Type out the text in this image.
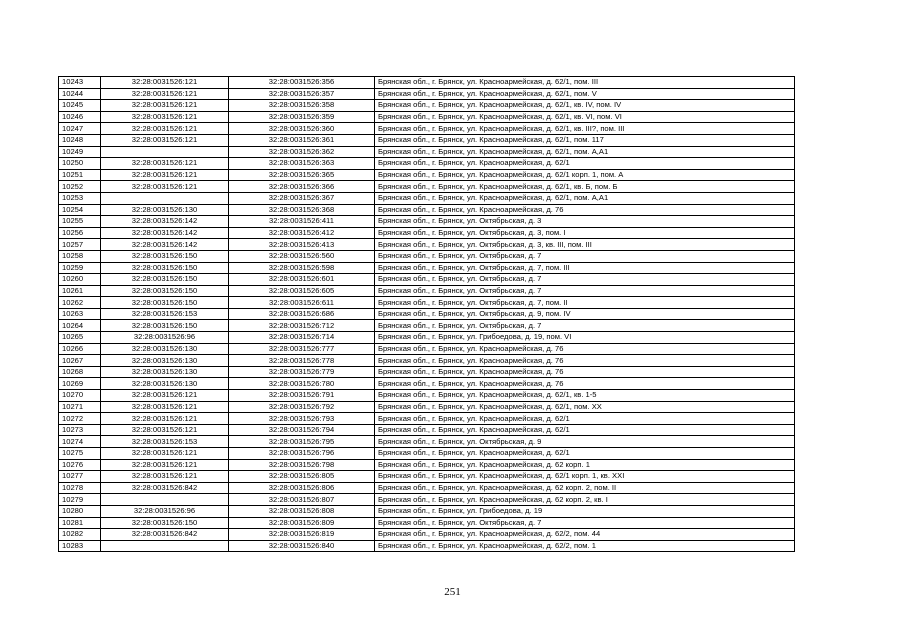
10243	32:28:0031526:121	32:28:0031526:356	Брянская обл., г. Брянск, ул. Красноармейская, д. 62/1, пом. III
10244	32:28:0031526:121	32:28:0031526:357	Брянская обл., г. Брянск, ул. Красноармейская, д. 62/1, пом. V
10245	32:28:0031526:121	32:28:0031526:358	Брянская обл., г. Брянск, ул. Красноармейская, д. 62/1, кв. IV, пом. IV
10246	32:28:0031526:121	32:28:0031526:359	Брянская обл., г. Брянск, ул. Красноармейская, д. 62/1, кв. VI, пом. VI
10247	32:28:0031526:121	32:28:0031526:360	Брянская обл., г. Брянск, ул. Красноармейская, д. 62/1, кв. III?, пом. III
10248	32:28:0031526:121	32:28:0031526:361	Брянская обл., г. Брянск, ул. Красноармейская, д. 62/1, пом. 117
10249		32:28:0031526:362	Брянская обл., г. Брянск, ул. Красноармейская, д. 62/1, пом. А,А1
10250	32:28:0031526:121	32:28:0031526:363	Брянская обл., г. Брянск, ул. Красноармейская, д. 62/1
10251	32:28:0031526:121	32:28:0031526:365	Брянская обл., г. Брянск, ул. Красноармейская, д. 62/1 корп. 1, пом. А
10252	32:28:0031526:121	32:28:0031526:366	Брянская обл., г. Брянск, ул. Красноармейская, д. 62/1, кв. Б, пом. Б
10253		32:28:0031526:367	Брянская обл., г. Брянск, ул. Красноармейская, д. 62/1, пом. А,А1
10254	32:28:0031526:130	32:28:0031526:368	Брянская обл., г. Брянск, ул. Красноармейская, д. 76
10255	32:28:0031526:142	32:28:0031526:411	Брянская обл., г. Брянск, ул. Октябрьская, д. 3
10256	32:28:0031526:142	32:28:0031526:412	Брянская обл., г. Брянск, ул. Октябрьская, д. 3, пом. I
10257	32:28:0031526:142	32:28:0031526:413	Брянская обл., г. Брянск, ул. Октябрьская, д. 3, кв. III, пом. III
10258	32:28:0031526:150	32:28:0031526:560	Брянская обл., г. Брянск, ул. Октябрьская, д. 7
10259	32:28:0031526:150	32:28:0031526:598	Брянская обл., г. Брянск, ул. Октябрьская, д. 7, пом. III
10260	32:28:0031526:150	32:28:0031526:601	Брянская обл., г. Брянск, ул. Октябрьская, д. 7
10261	32:28:0031526:150	32:28:0031526:605	Брянская обл., г. Брянск, ул. Октябрьская, д. 7
10262	32:28:0031526:150	32:28:0031526:611	Брянская обл., г. Брянск, ул. Октябрьская, д. 7, пом. II
10263	32:28:0031526:153	32:28:0031526:686	Брянская обл., г. Брянск, ул. Октябрьская, д. 9, пом. IV
10264	32:28:0031526:150	32:28:0031526:712	Брянская обл., г. Брянск, ул. Октябрьская, д. 7
10265	32:28:0031526:96	32:28:0031526:714	Брянская обл., г. Брянск, ул. Грибоедова, д. 19, пом. VI
10266	32:28:0031526:130	32:28:0031526:777	Брянская обл., г. Брянск, ул. Красноармейская, д. 76
10267	32:28:0031526:130	32:28:0031526:778	Брянская обл., г. Брянск, ул. Красноармейская, д. 76
10268	32:28:0031526:130	32:28:0031526:779	Брянская обл., г. Брянск, ул. Красноармейская, д. 76
10269	32:28:0031526:130	32:28:0031526:780	Брянская обл., г. Брянск, ул. Красноармейская, д. 76
10270	32:28:0031526:121	32:28:0031526:791	Брянская обл., г. Брянск, ул. Красноармейская, д. 62/1, кв. 1-5
10271	32:28:0031526:121	32:28:0031526:792	Брянская обл., г. Брянск, ул. Красноармейская, д. 62/1, пом. XX
10272	32:28:0031526:121	32:28:0031526:793	Брянская обл., г. Брянск, ул. Красноармейская, д. 62/1
10273	32:28:0031526:121	32:28:0031526:794	Брянская обл., г. Брянск, ул. Красноармейская, д. 62/1
10274	32:28:0031526:153	32:28:0031526:795	Брянская обл., г. Брянск, ул. Октябрьская, д. 9
10275	32:28:0031526:121	32:28:0031526:796	Брянская обл., г. Брянск, ул. Красноармейская, д. 62/1
10276	32:28:0031526:121	32:28:0031526:798	Брянская обл., г. Брянск, ул. Красноармейская, д. 62 корп. 1
10277	32:28:0031526:121	32:28:0031526:805	Брянская обл., г. Брянск, ул. Красноармейская, д. 62/1 корп. 1, кв. XXI
10278	32:28:0031526:842	32:28:0031526:806	Брянская обл., г. Брянск, ул. Красноармейская, д. 62 корп. 2, пом. II
10279		32:28:0031526:807	Брянская обл., г. Брянск, ул. Красноармейская, д. 62 корп. 2, кв. I
10280	32:28:0031526:96	32:28:0031526:808	Брянская обл., г. Брянск, ул. Грибоедова, д. 19
10281	32:28:0031526:150	32:28:0031526:809	Брянская обл., г. Брянск, ул. Октябрьская, д. 7
10282	32:28:0031526:842	32:28:0031526:819	Брянская обл., г. Брянск, ул. Красноармейская, д. 62/2, пом. 44
10283		32:28:0031526:840	Брянская обл., г. Брянск, ул. Красноармейская, д. 62/2, пом. 1
251
